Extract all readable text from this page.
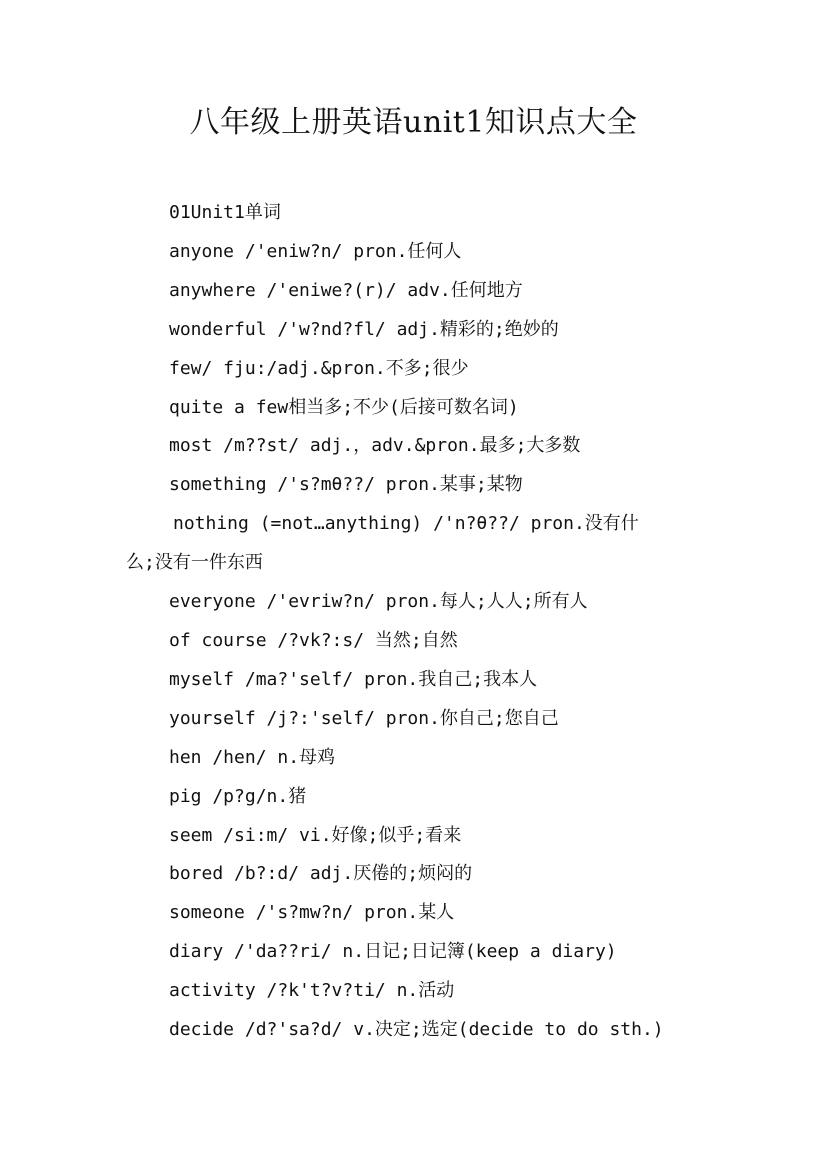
八年级上册英语unit1知识点大全
01Unit1单词
anyone /'eniw?n/ pron.任何人
anywhere /'eniwe?(r)/ adv.任何地方
wonderful /'w?nd?fl/ adj.精彩的;绝妙的
few/ fju:/adj.&pron.不多;很少
quite a few相当多;不少(后接可数名词)
most /m??st/ adj.，adv.&pron.最多;大多数
something /'s?mθ??/ pron.某事;某物
nothing (=not…anything) /'n?θ??/ pron.没有什
么;没有一件东西
everyone /'evriw?n/ pron.每人;人人;所有人
of course /?vk?:s/ 当然;自然
myself /ma?'self/ pron.我自己;我本人
yourself /j?:'self/ pron.你自己;您自己
hen /hen/ n.母鸡
pig /p?g/n.猪
seem /si:m/ vi.好像;似乎;看来
bored /b?:d/ adj.厌倦的;烦闷的
someone /'s?mw?n/ pron.某人
diary /'da??ri/ n.日记;日记簿(keep a diary)
activity /?k't?v?ti/ n.活动
decide /d?'sa?d/ v.决定;选定(decide to do sth.)
